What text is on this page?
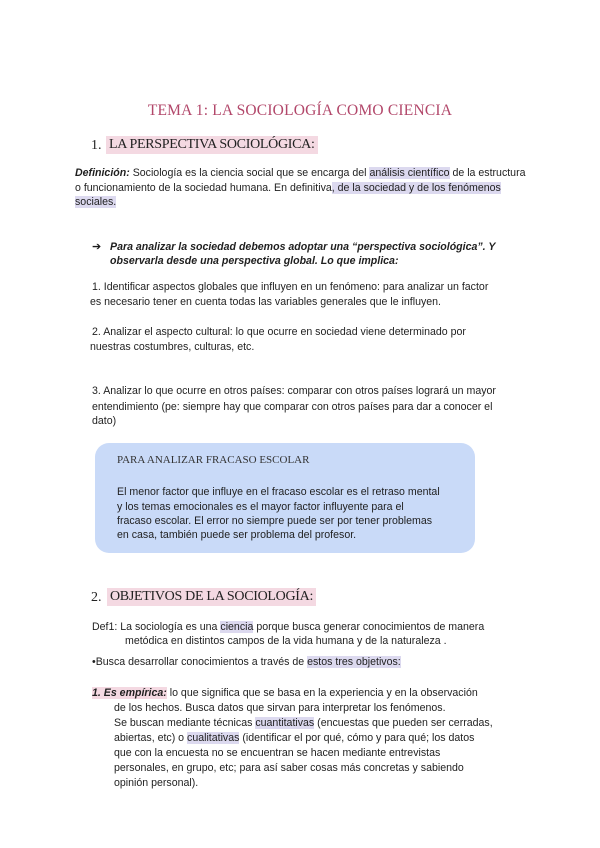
TEMA 1: LA SOCIOLOGÍA COMO CIENCIA
1. LA PERSPECTIVA SOCIOLÓGICA:
Definición: Sociología es la ciencia social que se encarga del análisis científico de la estructura
o funcionamiento de la sociedad humana. En definitiva, de la sociedad y de los fenómenos
sociales.
➔ Para analizar la sociedad debemos adoptar una “perspectiva sociológica”. Y
observarla desde una perspectiva global. Lo que implica:
1. Identificar aspectos globales que influyen en un fenómeno: para analizar un factor
es necesario tener en cuenta todas las variables generales que le influyen.
2. Analizar el aspecto cultural: lo que ocurre en sociedad viene determinado por
nuestras costumbres, culturas, etc.
3. Analizar lo que ocurre en otros países: comparar con otros países logrará un mayor
entendimiento (pe: siempre hay que comparar con otros países para dar a conocer el
dato)
PARA ANALIZAR FRACASO ESCOLAR
El menor factor que influye en el fracaso escolar es el retraso mental
y los temas emocionales es el mayor factor influyente para el
fracaso escolar. El error no siempre puede ser por tener problemas
en casa, también puede ser problema del profesor.
2. OBJETIVOS DE LA SOCIOLOGÍA:
Def1: La sociología es una ciencia porque busca generar conocimientos de manera
metódica en distintos campos de la vida humana y de la naturaleza .
•Busca desarrollar conocimientos a través de estos tres objetivos:
1. Es empírica: lo que significa que se basa en la experiencia y en la observación
de los hechos. Busca datos que sirvan para interpretar los fenómenos.
Se buscan mediante técnicas cuantitativas (encuestas que pueden ser cerradas,
abiertas, etc) o cualitativas (identificar el por qué, cómo y para qué; los datos
que con la encuesta no se encuentran se hacen mediante entrevistas
personales, en grupo, etc; para así saber cosas más concretas y sabiendo
opinión personal).
